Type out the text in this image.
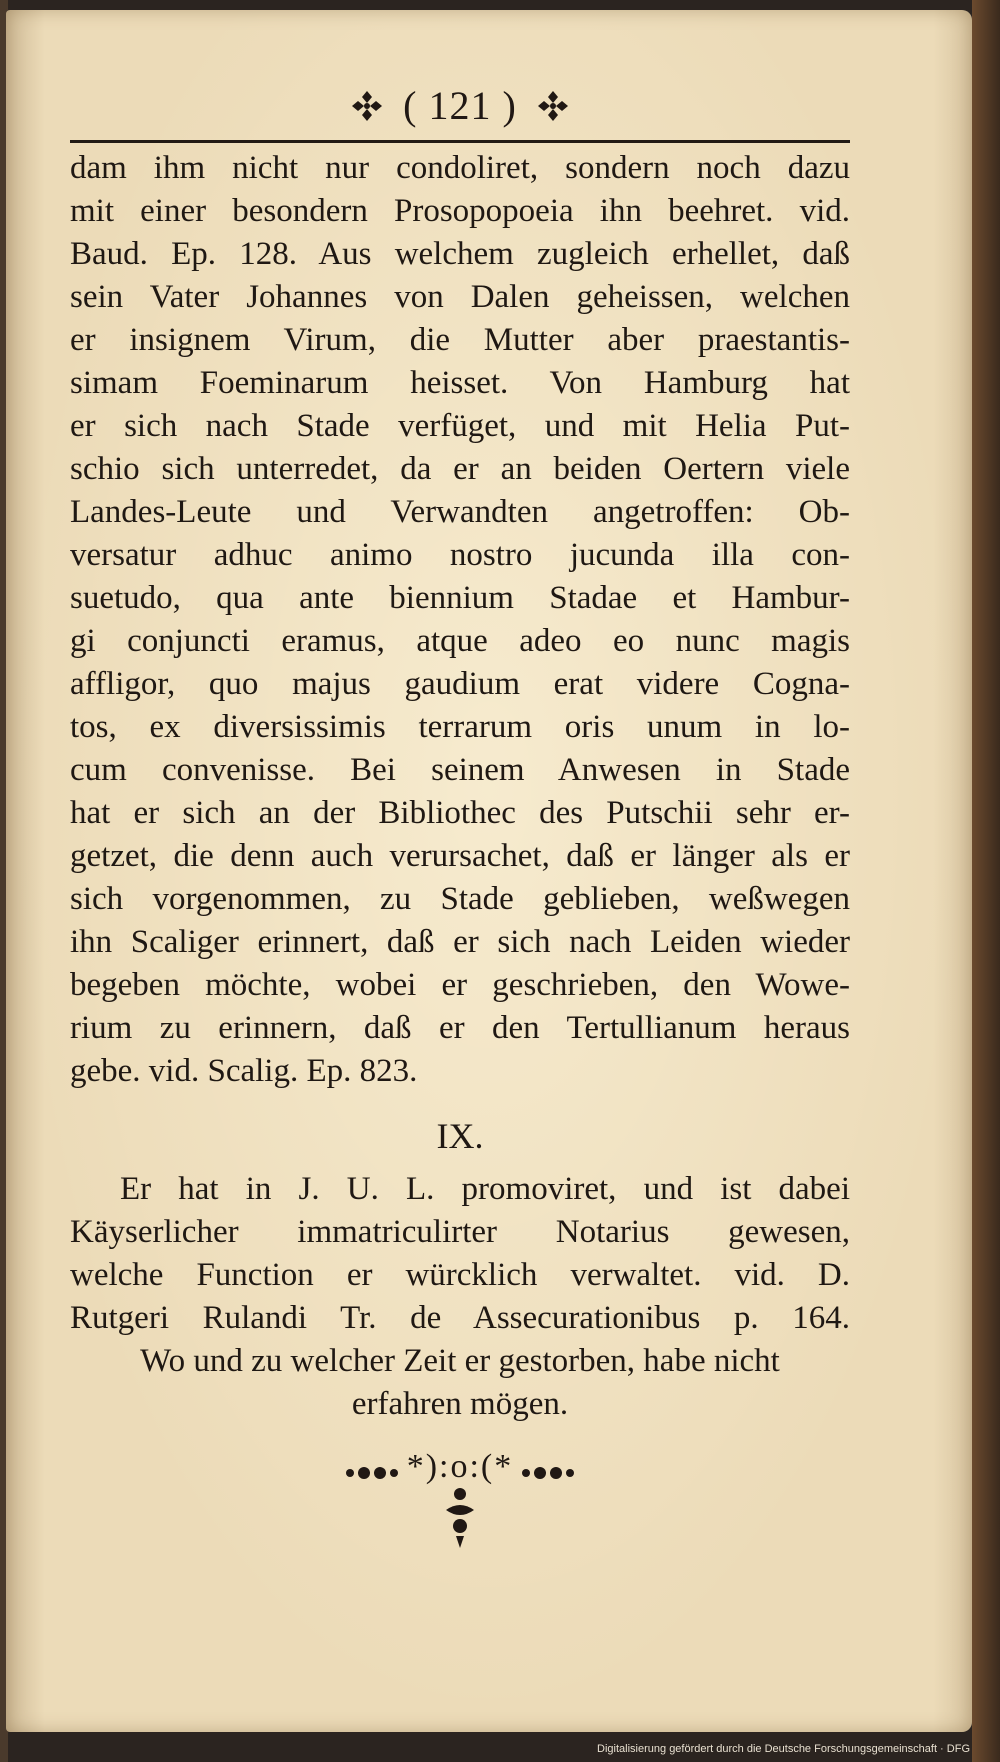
( 121 )
dam ihm nicht nur condoliret, sondern noch dazu
mit einer besondern Prosopopoeia ihn beehret. vid.
Baud. Ep. 128. Aus welchem zugleich erhellet, daß
sein Vater Johannes von Dalen geheissen, welchen
er insignem Virum, die Mutter aber praestantis-
simam Foeminarum heisset. Von Hamburg hat
er sich nach Stade verfüget, und mit Helia Put-
schio sich unterredet, da er an beiden Oertern viele
Landes-Leute und Verwandten angetroffen: Ob-
versatur adhuc animo nostro jucunda illa con-
suetudo, qua ante biennium Stadae et Hambur-
gi conjuncti eramus, atque adeo eo nunc magis
affligor, quo majus gaudium erat videre Cogna-
tos, ex diversissimis terrarum oris unum in lo-
cum convenisse. Bei seinem Anwesen in Stade
hat er sich an der Bibliothec des Putschii sehr er-
getzet, die denn auch verursachet, daß er länger als er
sich vorgenommen, zu Stade geblieben, weßwegen
ihn Scaliger erinnert, daß er sich nach Leiden wieder
begeben möchte, wobei er geschrieben, den Wowe-
rium zu erinnern, daß er den Tertullianum heraus
gebe. vid. Scalig. Ep. 823.
IX.
Er hat in J. U. L. promoviret, und ist dabei
Käyserlicher immatriculirter Notarius gewesen,
welche Function er würcklich verwaltet. vid. D.
Rutgeri Rulandi Tr. de Assecurationibus p. 164.
Wo und zu welcher Zeit er gestorben, habe nicht
erfahren mögen.
*):o:(*
Digitalisierung gefördert durch die Deutsche Forschungsgemeinschaft · DFG
